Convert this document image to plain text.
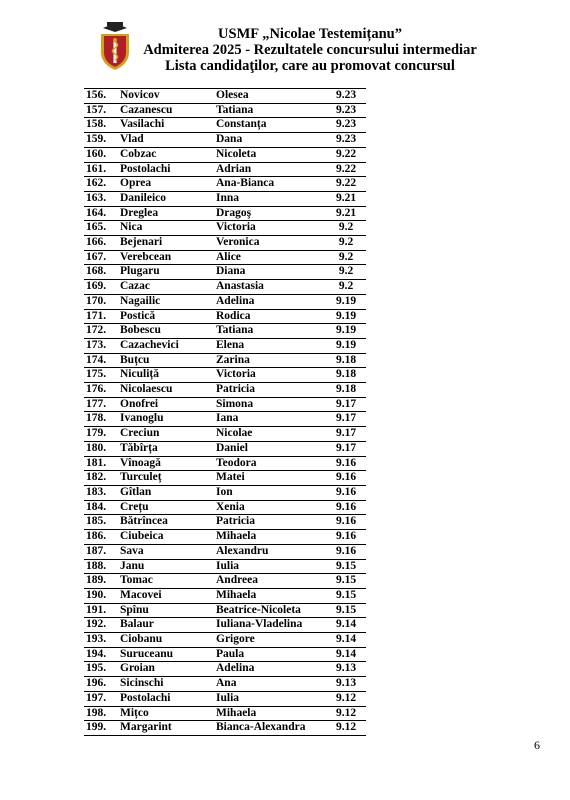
USMF „Nicolae Testemițanu”
Admiterea 2025 - Rezultatele concursului intermediar
Lista candidaţilor, care au promovat concursul
156.	Novicov	Olesea	9.23
157.	Cazanescu	Tatiana	9.23
158.	Vasilachi	Constanța	9.23
159.	Vlad	Dana	9.23
160.	Cobzac	Nicoleta	9.22
161.	Postolachi	Adrian	9.22
162.	Oprea	Ana-Bianca	9.22
163.	Danileico	Inna	9.21
164.	Dreglea	Dragoş	9.21
165.	Nica	Victoria	9.2
166.	Bejenari	Veronica	9.2
167.	Verebcean	Alice	9.2
168.	Plugaru	Diana	9.2
169.	Cazac	Anastasia	9.2
170.	Nagailic	Adelina	9.19
171.	Postică	Rodica	9.19
172.	Bobescu	Tatiana	9.19
173.	Cazachevici	Elena	9.19
174.	Buțcu	Zarina	9.18
175.	Niculiță	Victoria	9.18
176.	Nicolaescu	Patricia	9.18
177.	Onofrei	Simona	9.17
178.	Ivanoglu	Iana	9.17
179.	Creciun	Nicolae	9.17
180.	Tăbîrța	Daniel	9.17
181.	Vînoagă	Teodora	9.16
182.	Turculeț	Matei	9.16
183.	Gîtlan	Ion	9.16
184.	Crețu	Xenia	9.16
185.	Bătrîncea	Patricia	9.16
186.	Ciubeica	Mihaela	9.16
187.	Sava	Alexandru	9.16
188.	Janu	Iulia	9.15
189.	Tomac	Andreea	9.15
190.	Macovei	Mihaela	9.15
191.	Spînu	Beatrice-Nicoleta	9.15
192.	Balaur	Iuliana-Vladelina	9.14
193.	Ciobanu	Grigore	9.14
194.	Suruceanu	Paula	9.14
195.	Groian	Adelina	9.13
196.	Sicinschi	Ana	9.13
197.	Postolachi	Iulia	9.12
198.	Mițco	Mihaela	9.12
199.	Margarint	Bianca-Alexandra	9.12
6
